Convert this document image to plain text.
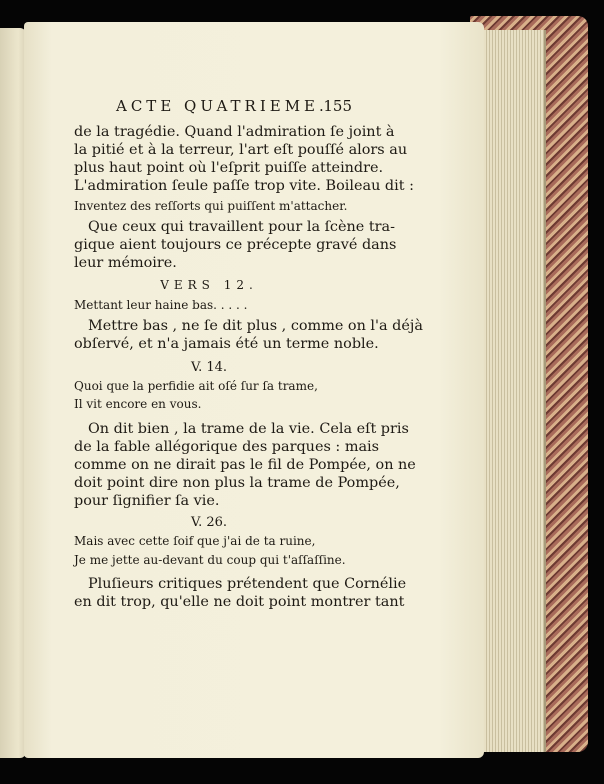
ACTE QUATRIEME.
155
de la tragédie. Quand l'admiration ſe joint à
la pitié et à la terreur, l'art eſt pouſſé alors au
plus haut point où l'eſprit puiſſe atteindre.
L'admiration ſeule paſſe trop vite. Boileau dit :
Inventez des reſſorts qui puiſſent m'attacher.
Que ceux qui travaillent pour la ſcène tra-
gique aient toujours ce précepte gravé dans
leur mémoire.
VERS 12.
Mettant leur haine bas. . . . .
Mettre bas , ne ſe dit plus , comme on l'a déjà
obſervé, et n'a jamais été un terme noble.
V. 14.
Quoi que la perfidie ait oſé ſur ſa trame,
Il vit encore en vous.
On dit bien , la trame de la vie. Cela eſt pris
de la fable allégorique des parques : mais
comme on ne dirait pas le fil de Pompée, on ne
doit point dire non plus la trame de Pompée,
pour ſignifier ſa vie.
V. 26.
Mais avec cette ſoif que j'ai de ta ruine,
Je me jette au-devant du coup qui t'aſſaſſine.
Pluſieurs critiques prétendent que Cornélie
en dit trop, qu'elle ne doit point montrer tant
